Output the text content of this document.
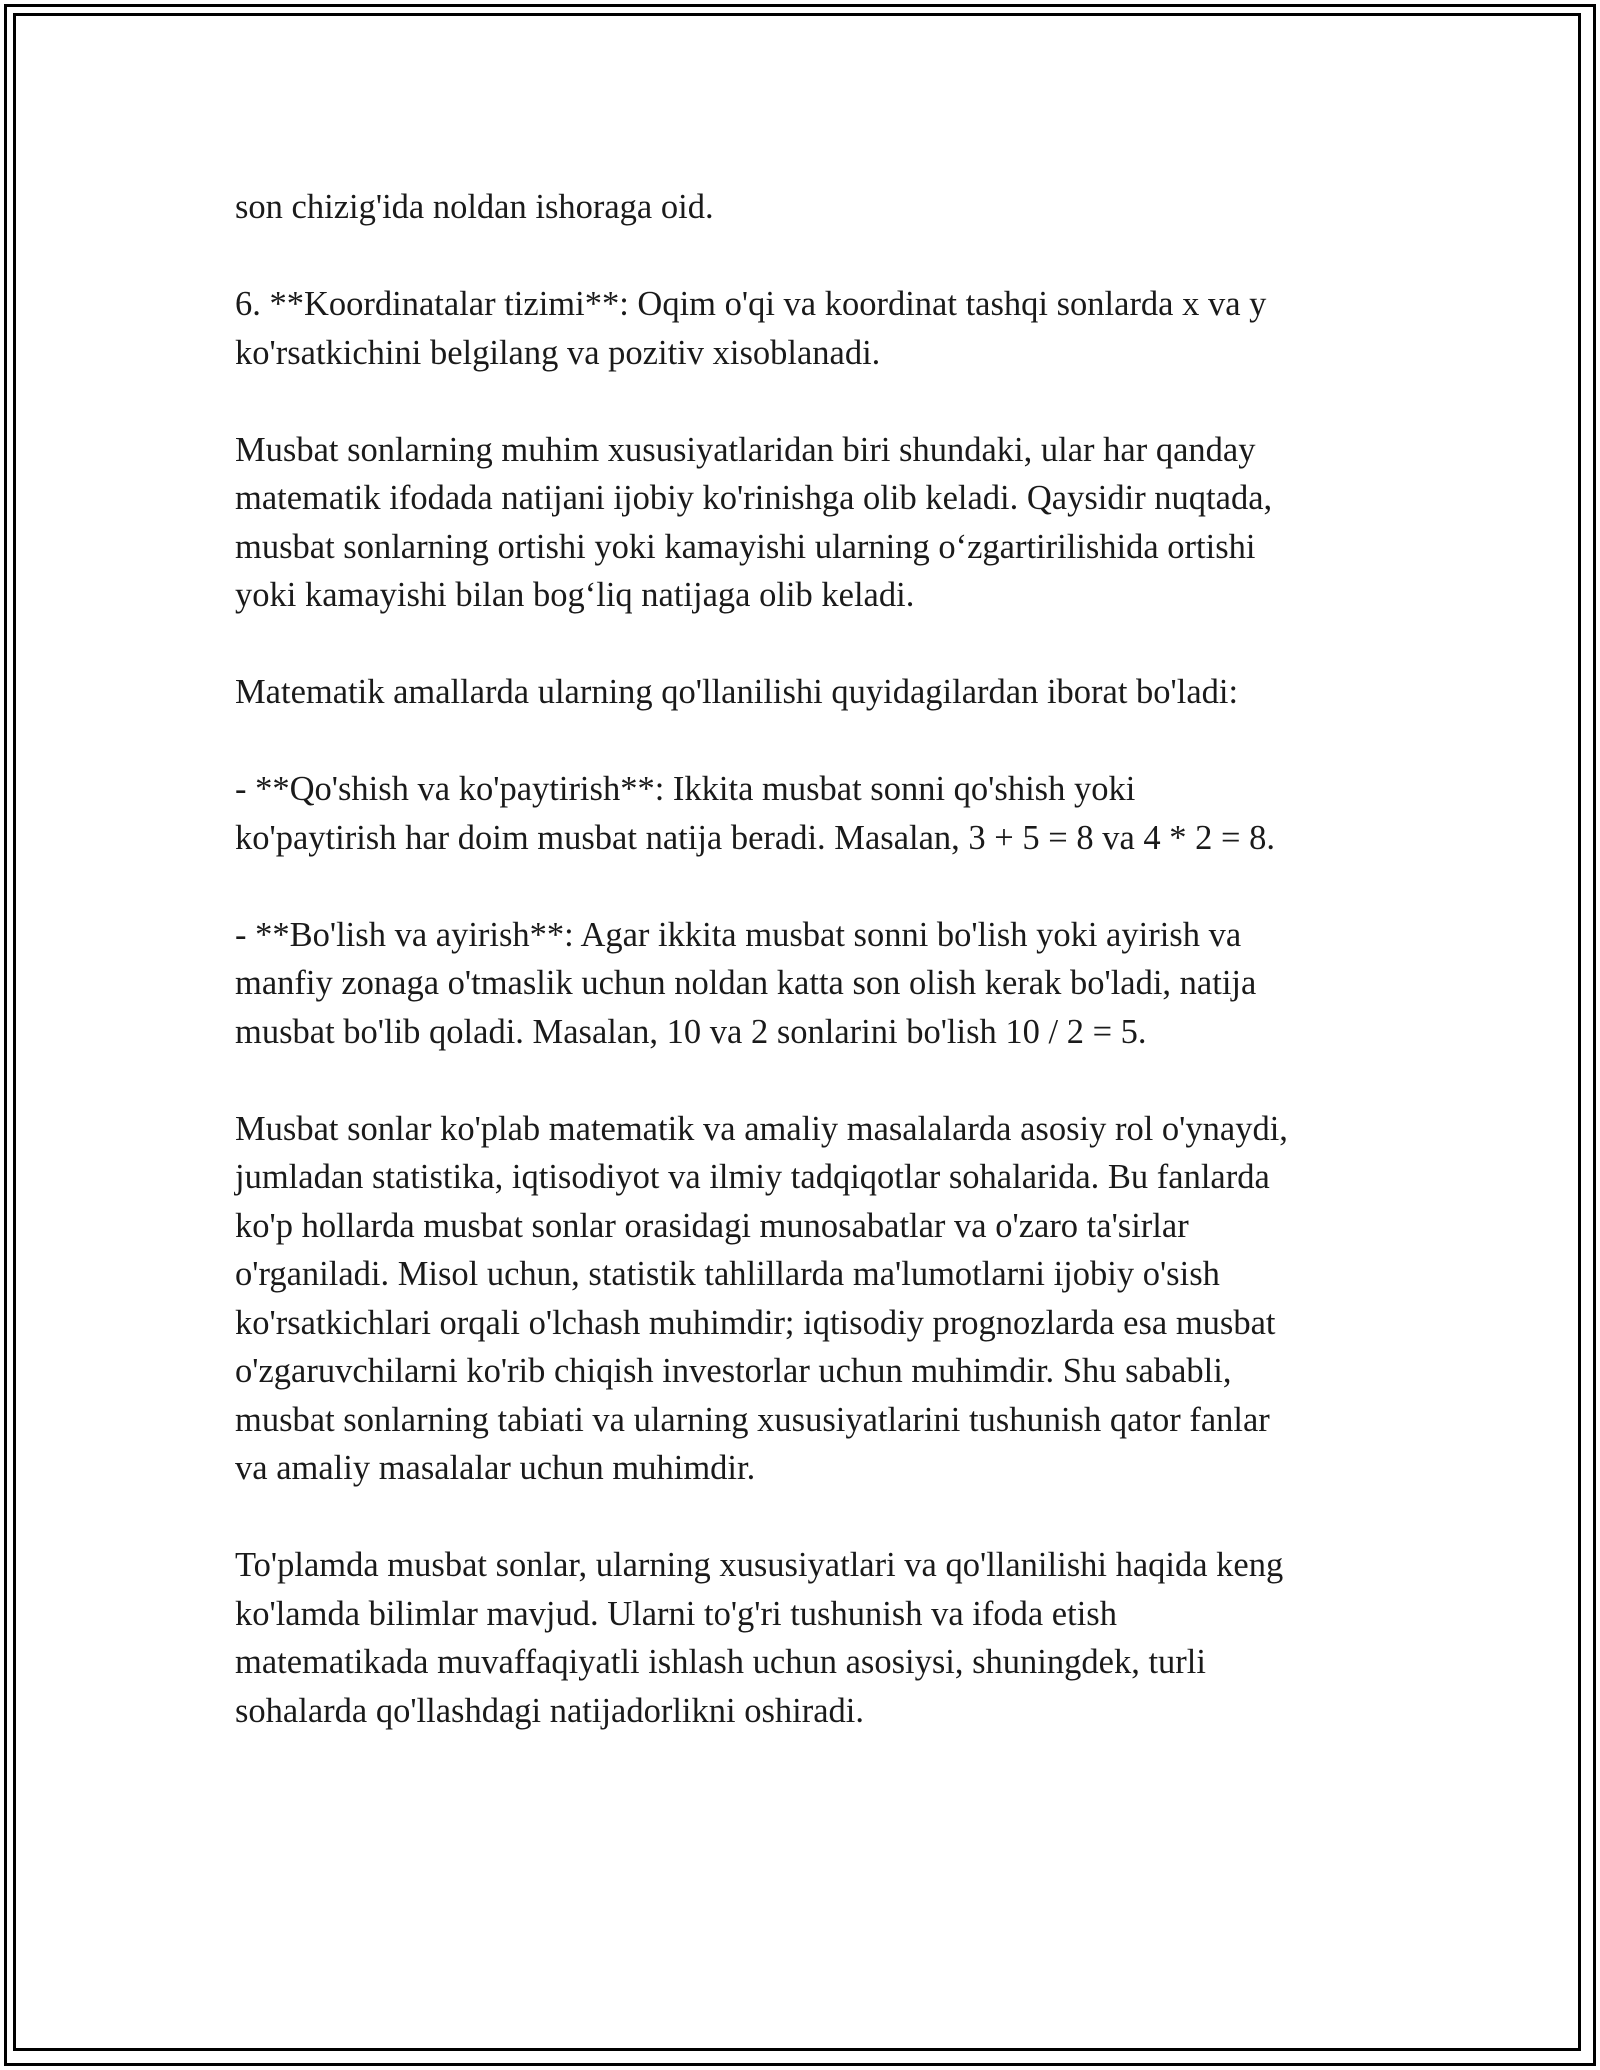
son chizig'ida noldan ishoraga oid.

6. **Koordinatalar tizimi**: Oqim o'qi va koordinat tashqi sonlarda x va y
ko'rsatkichini belgilang va pozitiv xisoblanadi.

Musbat sonlarning muhim xususiyatlaridan biri shundaki, ular har qanday
matematik ifodada natijani ijobiy ko'rinishga olib keladi. Qaysidir nuqtada,
musbat sonlarning ortishi yoki kamayishi ularning o‘zgartirilishida ortishi
yoki kamayishi bilan bog‘liq natijaga olib keladi.

Matematik amallarda ularning qo'llanilishi quyidagilardan iborat bo'ladi:

- **Qo'shish va ko'paytirish**: Ikkita musbat sonni qo'shish yoki
ko'paytirish har doim musbat natija beradi. Masalan, 3 + 5 = 8 va 4 * 2 = 8.

- **Bo'lish va ayirish**: Agar ikkita musbat sonni bo'lish yoki ayirish va
manfiy zonaga o'tmaslik uchun noldan katta son olish kerak bo'ladi, natija
musbat bo'lib qoladi. Masalan, 10 va 2 sonlarini bo'lish 10 / 2 = 5.

Musbat sonlar ko'plab matematik va amaliy masalalarda asosiy rol o'ynaydi,
jumladan statistika, iqtisodiyot va ilmiy tadqiqotlar sohalarida. Bu fanlarda
ko'p hollarda musbat sonlar orasidagi munosabatlar va o'zaro ta'sirlar
o'rganiladi. Misol uchun, statistik tahlillarda ma'lumotlarni ijobiy o'sish
ko'rsatkichlari orqali o'lchash muhimdir; iqtisodiy prognozlarda esa musbat
o'zgaruvchilarni ko'rib chiqish investorlar uchun muhimdir. Shu sababli,
musbat sonlarning tabiati va ularning xususiyatlarini tushunish qator fanlar
va amaliy masalalar uchun muhimdir.

To'plamda musbat sonlar, ularning xususiyatlari va qo'llanilishi haqida keng
ko'lamda bilimlar mavjud. Ularni to'g'ri tushunish va ifoda etish
matematikada muvaffaqiyatli ishlash uchun asosiysi, shuningdek, turli
sohalarda qo'llashdagi natijadorlikni oshiradi.
